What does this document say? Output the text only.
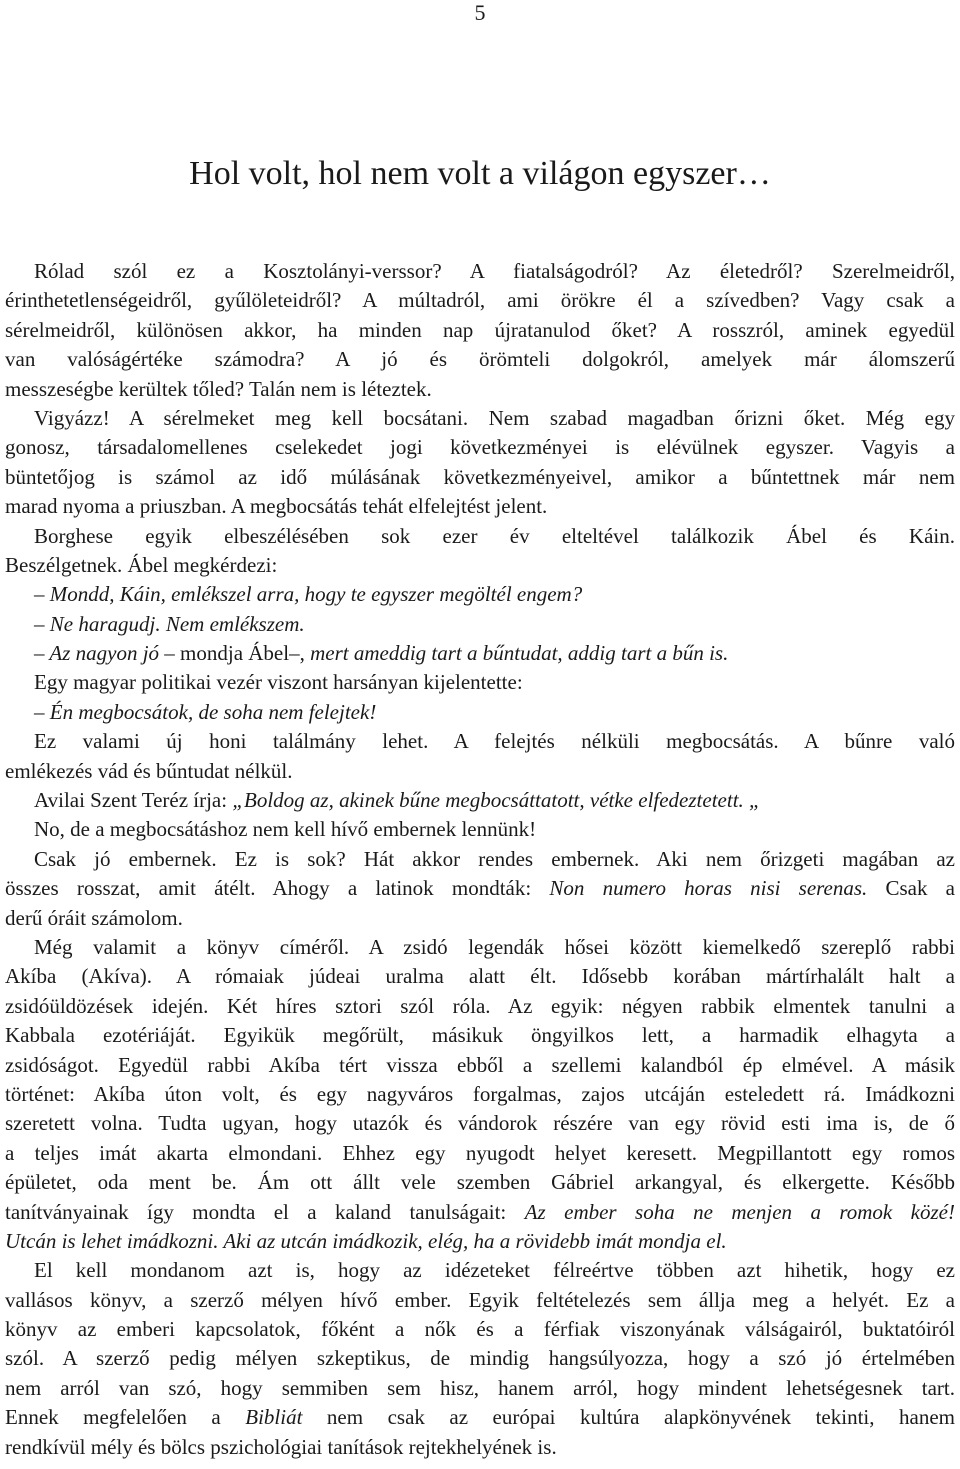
5
Hol volt, hol nem volt a világon egyszer…
Rólad szól ez a Kosztolányi-verssor? A fiatalságodról? Az életedről? Szerelmeidről,
érinthetetlenségeidről, gyűlöleteidről? A múltadról, ami örökre él a szívedben? Vagy csak a
sérelmeidről, különösen akkor, ha minden nap újratanulod őket? A rosszról, aminek egyedül
van valóságértéke számodra? A jó és örömteli dolgokról, amelyek már álomszerű
messzeségbe kerültek tőled? Talán nem is léteztek.
Vigyázz! A sérelmeket meg kell bocsátani. Nem szabad magadban őrizni őket. Még egy
gonosz, társadalomellenes cselekedet jogi következményei is elévülnek egyszer. Vagyis a
büntetőjog is számol az idő múlásának következményeivel, amikor a bűntettnek már nem
marad nyoma a priuszban. A megbocsátás tehát elfelejtést jelent.
Borghese egyik elbeszélésében sok ezer év elteltével találkozik Ábel és Káin.
Beszélgetnek. Ábel megkérdezi:
– Mondd, Káin, emlékszel arra, hogy te egyszer megöltél engem?
– Ne haragudj. Nem emlékszem.
– Az nagyon jó – mondja Ábel–, mert ameddig tart a bűntudat, addig tart a bűn is.
Egy magyar politikai vezér viszont harsányan kijelentette:
– Én megbocsátok, de soha nem felejtek!
Ez valami új honi találmány lehet. A felejtés nélküli megbocsátás. A bűnre való
emlékezés vád és bűntudat nélkül.
Avilai Szent Teréz írja: „Boldog az, akinek bűne megbocsáttatott, vétke elfedeztetett. „
No, de a megbocsátáshoz nem kell hívő embernek lennünk!
Csak jó embernek. Ez is sok? Hát akkor rendes embernek. Aki nem őrizgeti magában az
összes rosszat, amit átélt. Ahogy a latinok mondták: Non numero horas nisi serenas. Csak a
derű óráit számolom.
Még valamit a könyv címéről. A zsidó legendák hősei között kiemelkedő szereplő rabbi
Akíba (Akíva). A rómaiak júdeai uralma alatt élt. Idősebb korában mártírhalált halt a
zsidóüldözések idején. Két híres sztori szól róla. Az egyik: négyen rabbik elmentek tanulni a
Kabbala ezotériáját. Egyikük megőrült, másikuk öngyilkos lett, a harmadik elhagyta a
zsidóságot. Egyedül rabbi Akíba tért vissza ebből a szellemi kalandból ép elmével. A másik
történet: Akíba úton volt, és egy nagyváros forgalmas, zajos utcáján esteledett rá. Imádkozni
szeretett volna. Tudta ugyan, hogy utazók és vándorok részére van egy rövid esti ima is, de ő
a teljes imát akarta elmondani. Ehhez egy nyugodt helyet keresett. Megpillantott egy romos
épületet, oda ment be. Ám ott állt vele szemben Gábriel arkangyal, és elkergette. Később
tanítványainak így mondta el a kaland tanulságait: Az ember soha ne menjen a romok közé!
Utcán is lehet imádkozni. Aki az utcán imádkozik, elég, ha a rövidebb imát mondja el.
El kell mondanom azt is, hogy az idézeteket félreértve többen azt hihetik, hogy ez
vallásos könyv, a szerző mélyen hívő ember. Egyik feltételezés sem állja meg a helyét. Ez a
könyv az emberi kapcsolatok, főként a nők és a férfiak viszonyának válságairól, buktatóiról
szól. A szerző pedig mélyen szkeptikus, de mindig hangsúlyozza, hogy a szó jó értelmében
nem arról van szó, hogy semmiben sem hisz, hanem arról, hogy mindent lehetségesnek tart.
Ennek megfelelően a Bibliát nem csak az európai kultúra alapkönyvének tekinti, hanem
rendkívül mély és bölcs pszichológiai tanítások rejtekhelyének is.
